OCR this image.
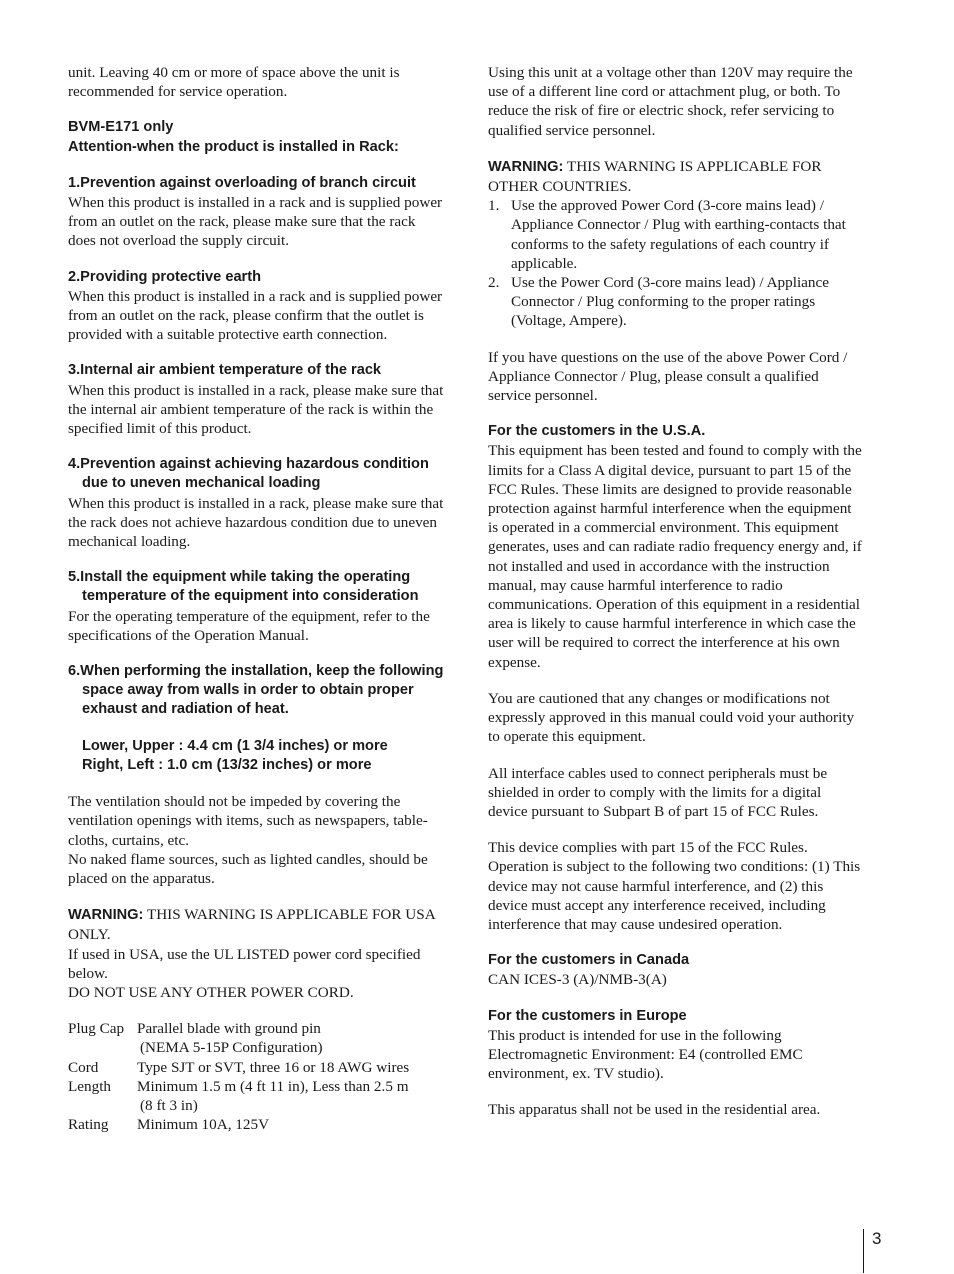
unit. Leaving 40 cm or more of space above the unit is recommended for service operation.

BVM-E171 only
Attention-when the product is installed in Rack:
1.Prevention against overloading of branch circuit
When this product is installed in a rack and is supplied power from an outlet on the rack, please make sure that the rack does not overload the supply circuit.
2.Providing protective earth
When this product is installed in a rack and is supplied power from an outlet on the rack, please confirm that the outlet is provided with a suitable protective earth connection.
3.Internal air ambient temperature of the rack
When this product is installed in a rack, please make sure that the internal air ambient temperature of the rack is within the specified limit of this product.
4.Prevention against achieving hazardous condition due to uneven mechanical loading
When this product is installed in a rack, please make sure that the rack does not achieve hazardous condition due to uneven mechanical loading.
5.Install the equipment while taking the operating temperature of the equipment into consideration
For the operating temperature of the equipment, refer to the specifications of the Operation Manual.
6.When performing the installation, keep the following space away from walls in order to obtain proper exhaust and radiation of heat.
Lower, Upper : 4.4 cm (1 3/4 inches) or more
Right, Left : 1.0 cm (13/32 inches) or more
The ventilation should not be impeded by covering the ventilation openings with items, such as newspapers, table-cloths, curtains, etc.
No naked flame sources, such as lighted candles, should be placed on the apparatus.
WARNING: THIS WARNING IS APPLICABLE FOR USA ONLY.
If used in USA, use the UL LISTED power cord specified below.
DO NOT USE ANY OTHER POWER CORD.
Plug Cap	Parallel blade with ground pin
(NEMA 5-15P Configuration)

Cord	Type SJT or SVT, three 16 or 18 AWG wires

Length	Minimum 1.5 m (4 ft 11 in), Less than 2.5 m
(8 ft 3 in)

Rating	Minimum 10A, 125V

Using this unit at a voltage other than 120V may require the use of a different line cord or attachment plug, or both. To reduce the risk of fire or electric shock, refer servicing to qualified service personnel.

WARNING: THIS WARNING IS APPLICABLE FOR OTHER COUNTRIES.
1. Use the approved Power Cord (3-core mains lead) / Appliance Connector / Plug with earthing-contacts that conforms to the safety regulations of each country if applicable.
2. Use the Power Cord (3-core mains lead) / Appliance Connector / Plug conforming to the proper ratings (Voltage, Ampere).

If you have questions on the use of the above Power Cord / Appliance Connector / Plug, please consult a qualified service personnel.

For the customers in the U.S.A.
This equipment has been tested and found to comply with the limits for a Class A digital device, pursuant to part 15 of the FCC Rules. These limits are designed to provide reasonable protection against harmful interference when the equipment is operated in a commercial environment. This equipment generates, uses and can radiate radio frequency energy and, if not installed and used in accordance with the instruction manual, may cause harmful interference to radio communications. Operation of this equipment in a residential area is likely to cause harmful interference in which case the user will be required to correct the interference at his own expense.

You are cautioned that any changes or modifications not expressly approved in this manual could void your authority to operate this equipment.

All interface cables used to connect peripherals must be shielded in order to comply with the limits for a digital device pursuant to Subpart B of part 15 of FCC Rules.

This device complies with part 15 of the FCC Rules. Operation is subject to the following two conditions: (1) This device may not cause harmful interference, and (2) this device must accept any interference received, including interference that may cause undesired operation.

For the customers in Canada
CAN ICES-3 (A)/NMB-3(A)
For the customers in Europe
This product is intended for use in the following Electromagnetic Environment: E4 (controlled EMC environment, ex. TV studio).

This apparatus shall not be used in the residential area.

3
